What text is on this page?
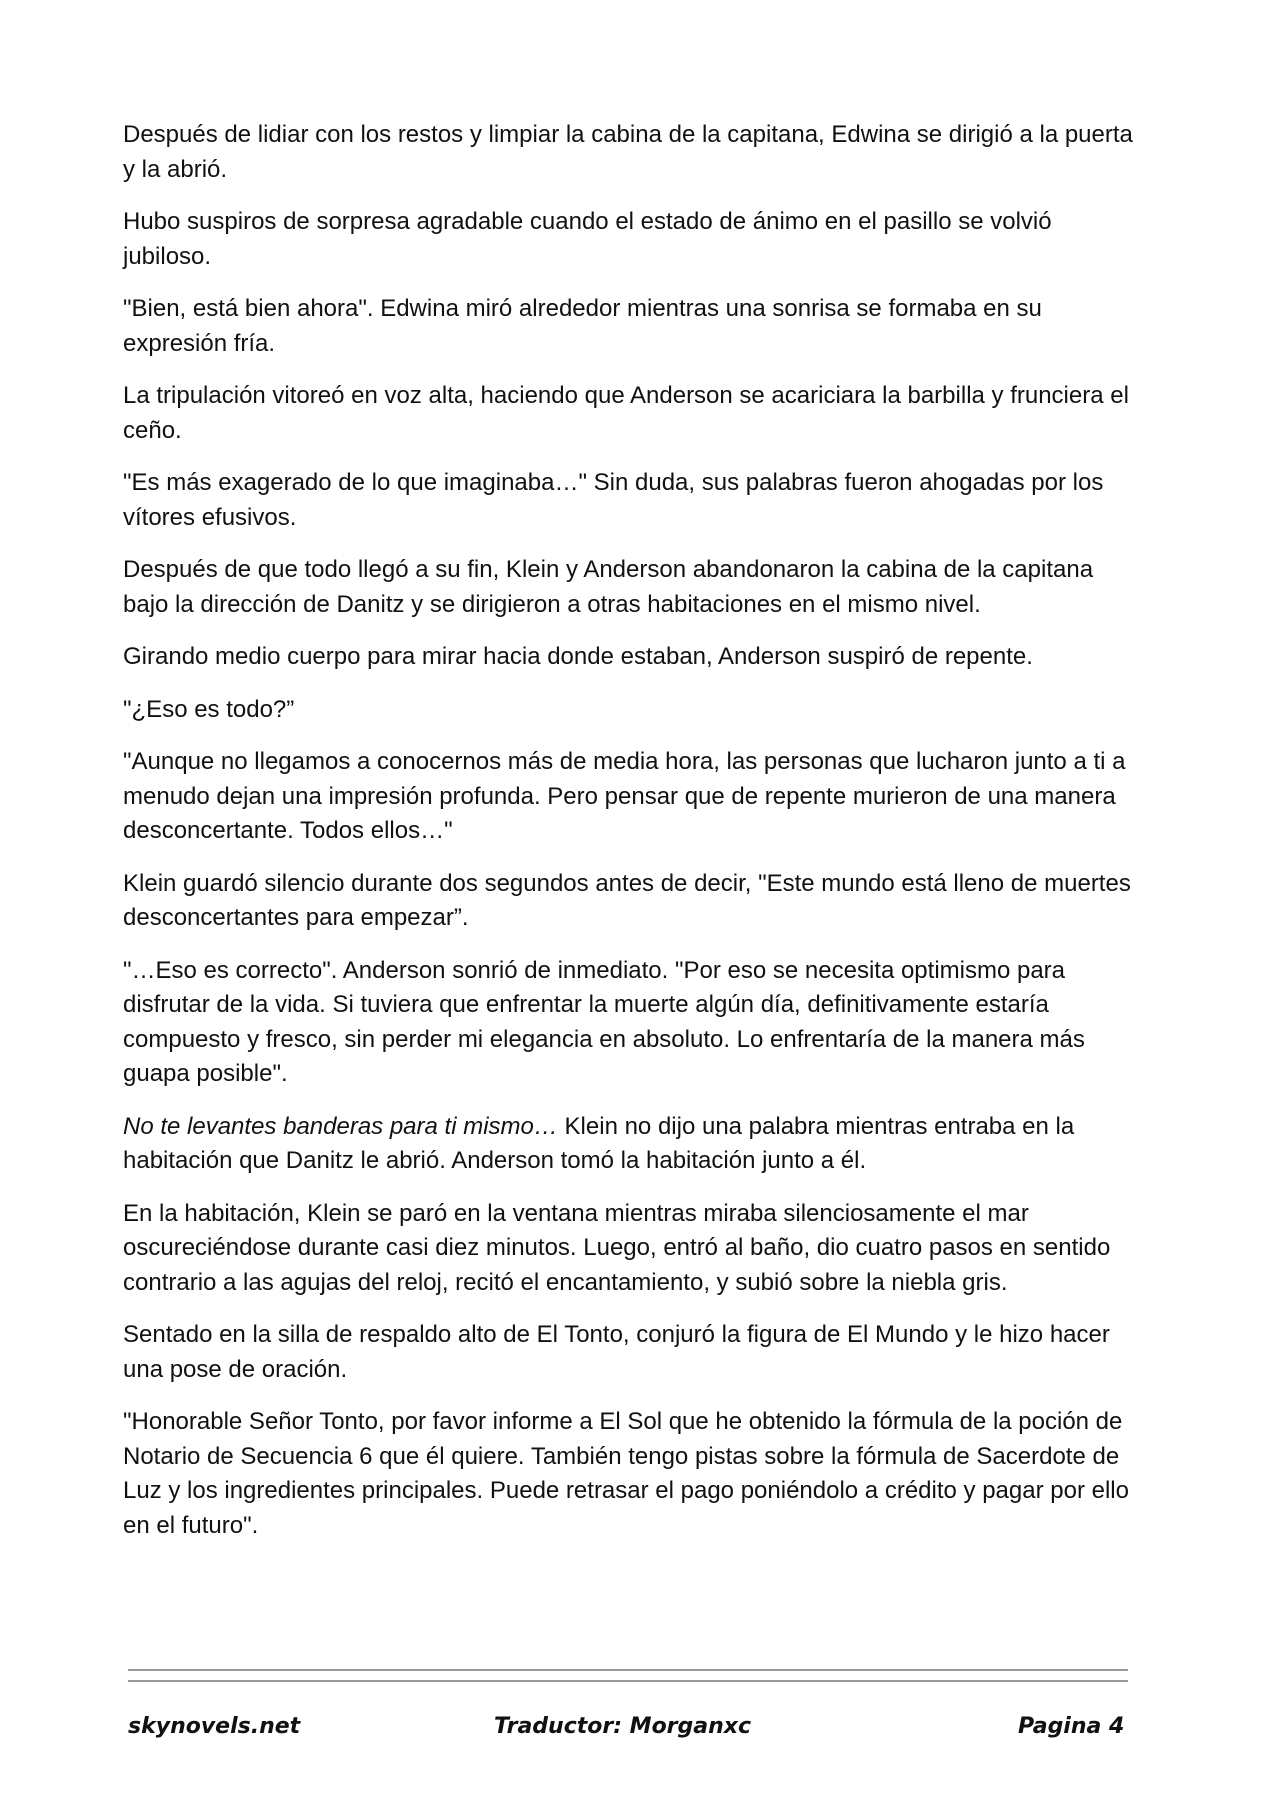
Después de lidiar con los restos y limpiar la cabina de la capitana, Edwina se dirigió a la puerta y la abrió.

Hubo suspiros de sorpresa agradable cuando el estado de ánimo en el pasillo se volvió jubiloso.

"Bien, está bien ahora". Edwina miró alrededor mientras una sonrisa se formaba en su expresión fría.

La tripulación vitoreó en voz alta, haciendo que Anderson se acariciara la barbilla y frunciera el ceño.

"Es más exagerado de lo que imaginaba…" Sin duda, sus palabras fueron ahogadas por los vítores efusivos.

Después de que todo llegó a su fin, Klein y Anderson abandonaron la cabina de la capitana bajo la dirección de Danitz y se dirigieron a otras habitaciones en el mismo nivel.

Girando medio cuerpo para mirar hacia donde estaban, Anderson suspiró de repente.

"¿Eso es todo?”

"Aunque no llegamos a conocernos más de media hora, las personas que lucharon junto a ti a menudo dejan una impresión profunda. Pero pensar que de repente murieron de una manera desconcertante. Todos ellos…"

Klein guardó silencio durante dos segundos antes de decir, "Este mundo está lleno de muertes desconcertantes para empezar”.

"…Eso es correcto". Anderson sonrió de inmediato. "Por eso se necesita optimismo para disfrutar de la vida. Si tuviera que enfrentar la muerte algún día, definitivamente estaría compuesto y fresco, sin perder mi elegancia en absoluto. Lo enfrentaría de la manera más guapa posible".

No te levantes banderas para ti mismo… Klein no dijo una palabra mientras entraba en la habitación que Danitz le abrió. Anderson tomó la habitación junto a él.

En la habitación, Klein se paró en la ventana mientras miraba silenciosamente el mar oscureciéndose durante casi diez minutos. Luego, entró al baño, dio cuatro pasos en sentido contrario a las agujas del reloj, recitó el encantamiento, y subió sobre la niebla gris.

Sentado en la silla de respaldo alto de El Tonto, conjuró la figura de El Mundo y le hizo hacer una pose de oración.

"Honorable Señor Tonto, por favor informe a El Sol que he obtenido la fórmula de la poción de Notario de Secuencia 6 que él quiere. También tengo pistas sobre la fórmula de Sacerdote de Luz y los ingredientes principales. Puede retrasar el pago poniéndolo a crédito y pagar por ello en el futuro".

skynovels.net	Traductor: Morganxc	Pagina 4
